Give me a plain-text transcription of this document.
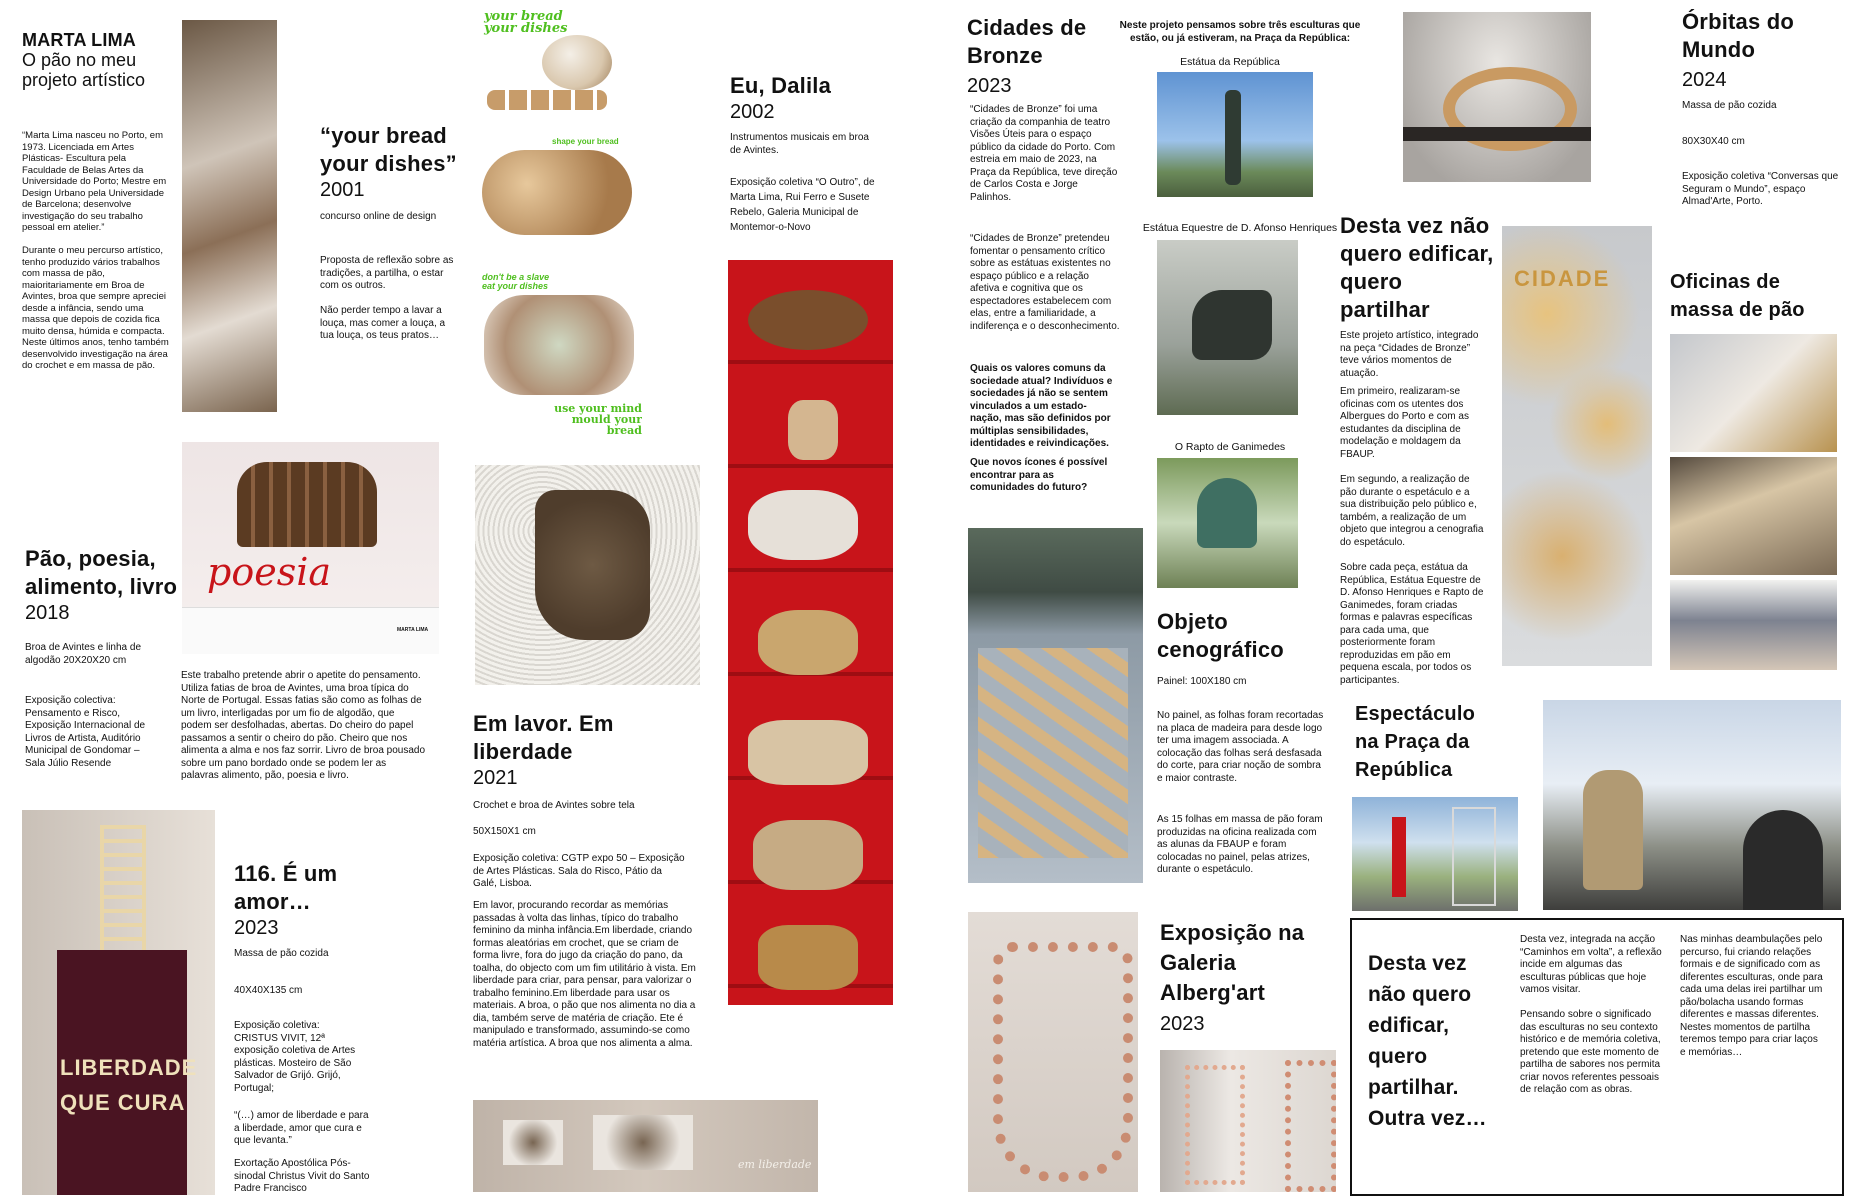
MARTA LIMA
O pão no meu
projeto artístico
“Marta Lima nasceu no Porto, em 1973. Licenciada em Artes Plásticas- Escultura pela Faculdade de Belas Artes da Universidade do Porto; Mestre em Design Urbano pela Universidade de Barcelona; desenvolve investigação do seu trabalho pessoal em atelier.”

Durante o meu percurso artístico, tenho produzido vários trabalhos com massa de pão, maioritariamente em Broa de Avintes, broa que sempre apreciei desde a infância, sendo uma massa que depois de cozida fica muito densa, húmida e compacta. Neste últimos anos, tenho também desenvolvido investigação na área do crochet e em massa de pão.
“your bread
your dishes”
2001
concurso online de design
Proposta de reflexão sobre as tradições, a partilha, o estar com os outros.

Não perder tempo a lavar a louça, mas comer a louça, a tua louça, os teus pratos…
your bread
your dishes
shape your bread
don't be a slave
eat your dishes
use your mind
mould your bread
poesia
MARTA LIMA
Pão, poesia,
alimento, livro
2018
Broa de Avintes e linha de algodão 20X20X20 cm
Exposição colectiva:
Pensamento e Risco,
Exposição Internacional de Livros de Artista, Auditório Municipal de Gondomar –
Sala Júlio Resende
Este trabalho pretende abrir o apetite do pensamento. Utiliza fatias de broa de Avintes, uma broa típica do Norte de Portugal. Essas fatias são como as folhas de um livro, interligadas por um fio de algodão, que podem ser desfolhadas, abertas. Do cheiro do papel passamos a sentir o cheiro do pão. Cheiro que nos alimenta a alma e nos faz sorrir. Livro de broa pousado sobre um pano bordado onde se podem ler as palavras alimento, pão, poesia e livro.
LIBERDADE
QUE CURA
116. É um
amor…
2023
Massa de pão cozida
40X40X135 cm
Exposição coletiva: CRISTUS VIVIT, 12ª exposição coletiva de Artes plásticas. Mosteiro de São Salvador de Grijó. Grijó, Portugal;
“(…) amor de liberdade e para a liberdade, amor que cura e que levanta.”
Exortação Apostólica Pós-sinodal Christus Vivit do Santo Padre Francisco
Em lavor. Em
liberdade
2021
Crochet e broa de Avintes sobre tela
50X150X1 cm
Exposição coletiva: CGTP expo 50 – Exposição de Artes Plásticas. Sala do Risco, Pátio da Galé, Lisboa.
Em lavor, procurando recordar as memórias passadas à volta das linhas, típico do trabalho feminino da minha infância.Em liberdade, criando formas aleatórias em crochet, que se criam de forma livre, fora do jugo da criação do pano, da toalha, do objecto com um fim utilitário à vista. Em liberdade para criar, para pensar, para valorizar o trabalho feminino.Em liberdade para usar os materiais. A broa, o pão que nos alimenta no dia a dia, também serve de matéria de criação. Ete é manipulado e transformado, assumindo-se como matéria artística. A broa que nos alimenta a alma.
em liberdade
Eu, Dalila
2002
Instrumentos musicais em broa de Avintes.
Exposição coletiva “O Outro”, de Marta Lima, Rui Ferro e Susete Rebelo, Galeria Municipal de Montemor-o-Novo
Cidades de
Bronze
2023
“Cidades de Bronze” foi uma criação da companhia de teatro Visões Úteis para o espaço público da cidade do Porto. Com estreia em maio de 2023, na Praça da República, teve direção de Carlos Costa e Jorge Palinhos.
“Cidades de Bronze” pretendeu fomentar o pensamento crítico sobre as estátuas existentes no espaço público e a relação afetiva e cognitiva que os espectadores estabelecem com elas, entre a familiaridade, a indiferença e o desconhecimento.
Quais os valores comuns da sociedade atual? Indivíduos e sociedades já não se sentem vinculados a um estado- nação, mas são definidos por múltiplas sensibilidades, identidades e reivindicações.
Que novos ícones é possível encontrar para as comunidades do futuro?
Neste projeto pensamos sobre três esculturas que estão, ou já estiveram, na Praça da República:
Estátua da República
Estátua Equestre de D. Afonso Henriques
O Rapto de Ganimedes
Objeto
cenográfico
Painel: 100X180 cm
No painel, as folhas foram recortadas na placa de madeira para desde logo ter uma imagem associada. A colocação das folhas será desfasada do corte, para criar noção de sombra e maior contraste.
As 15 folhas em massa de pão foram produzidas na oficina realizada com as alunas da FBAUP e foram colocadas no painel, pelas atrizes, durante o espetáculo.
Exposição na
Galeria
Alberg'art
2023
Desta vez não
quero edificar,
quero
partilhar
Este projeto artístico, integrado na peça “Cidades de Bronze” teve vários momentos de atuação.
Em primeiro, realizaram-se oficinas com os utentes dos Albergues do Porto e com as estudantes da disciplina de modelação e moldagem da FBAUP.
Em segundo, a realização de pão durante o espetáculo e a sua distribuição pelo público e, também, a realização de um objeto que integrou a cenografia do espetáculo.
Sobre cada peça, estátua da República, Estátua Equestre de D. Afonso Henriques e Rapto de Ganimedes, foram criadas formas e palavras específicas para cada uma, que posteriormente foram reproduzidas em pão em pequena escala, por todos os participantes.
CIDADE
Órbitas do
Mundo
2024
Massa de pão cozida
80X30X40 cm
Exposição coletiva “Conversas que Seguram o Mundo”, espaço Almad'Arte, Porto.
Oficinas de
massa de pão
Espectáculo
na Praça da
República
Desta vez
não quero
edificar,
quero
partilhar.
Outra vez…
Desta vez, integrada na acção “Caminhos em volta”, a reflexão incide em algumas das esculturas públicas que hoje vamos visitar.

Pensando sobre o significado das esculturas no seu contexto histórico e de memória coletiva, pretendo que este momento de partilha de sabores nos permita criar novos referentes pessoais de relação com as obras.
Nas minhas deambulações pelo percurso, fui criando relações formais e de significado com as diferentes esculturas, onde para cada uma delas irei partilhar um pão/bolacha usando formas diferentes e massas diferentes. Nestes momentos de partilha teremos tempo para criar laços e memórias…
